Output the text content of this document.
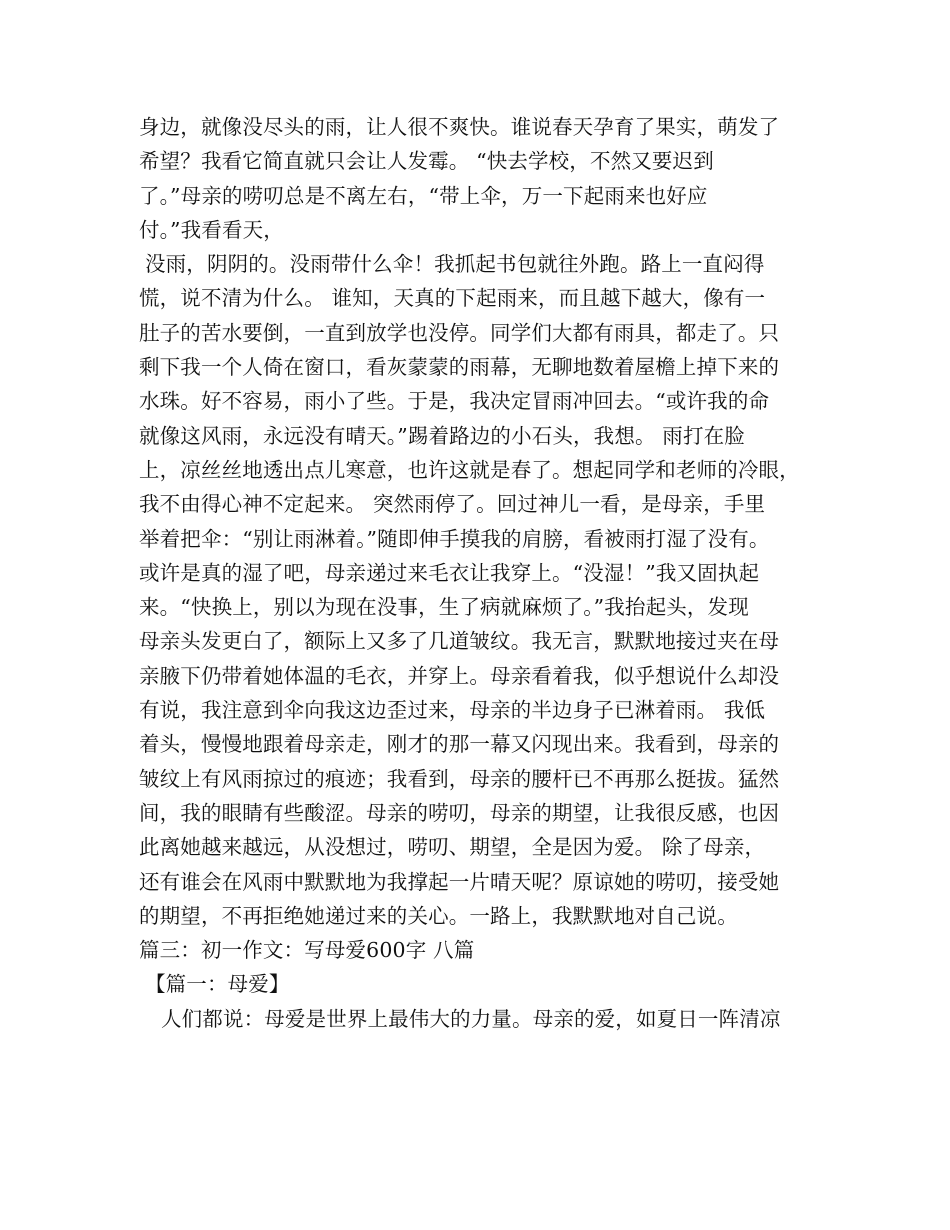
身边，就像没尽头的雨，让人很不爽快。谁说春天孕育了果实，萌发了
希望？我看它简直就只会让人发霉。 “快去学校，不然又要迟到
了。”母亲的唠叨总是不离左右，“带上伞，万一下起雨来也好应
付。”我看看天，
没雨，阴阴的。没雨带什么伞！我抓起书包就往外跑。路上一直闷得
慌，说不清为什么。 谁知，天真的下起雨来，而且越下越大，像有一
肚子的苦水要倒，一直到放学也没停。同学们大都有雨具，都走了。只
剩下我一个人倚在窗口，看灰蒙蒙的雨幕，无聊地数着屋檐上掉下来的
水珠。好不容易，雨小了些。于是，我决定冒雨冲回去。“或许我的命
就像这风雨，永远没有晴天。”踢着路边的小石头，我想。 雨打在脸
上，凉丝丝地透出点儿寒意，也许这就是春了。想起同学和老师的冷眼，
我不由得心神不定起来。 突然雨停了。回过神儿一看，是母亲，手里
举着把伞：“别让雨淋着。”随即伸手摸我的肩膀，看被雨打湿了没有。
或许是真的湿了吧，母亲递过来毛衣让我穿上。“没湿！”我又固执起
来。“快换上，别以为现在没事，生了病就麻烦了。”我抬起头，发现
母亲头发更白了，额际上又多了几道皱纹。我无言，默默地接过夹在母
亲腋下仍带着她体温的毛衣，并穿上。母亲看着我，似乎想说什么却没
有说，我注意到伞向我这边歪过来，母亲的半边身子已淋着雨。 我低
着头，慢慢地跟着母亲走，刚才的那一幕又闪现出来。我看到，母亲的
皱纹上有风雨掠过的痕迹；我看到，母亲的腰杆已不再那么挺拔。猛然
间，我的眼睛有些酸涩。母亲的唠叨，母亲的期望，让我很反感，也因
此离她越来越远，从没想过，唠叨、期望，全是因为爱。 除了母亲，
还有谁会在风雨中默默地为我撑起一片晴天呢？原谅她的唠叨，接受她
的期望，不再拒绝她递过来的关心。一路上，我默默地对自己说。
篇三：初一作文：写母爱600字 八篇
【篇一：母爱】
人们都说：母爱是世界上最伟大的力量。母亲的爱，如夏日一阵清凉
